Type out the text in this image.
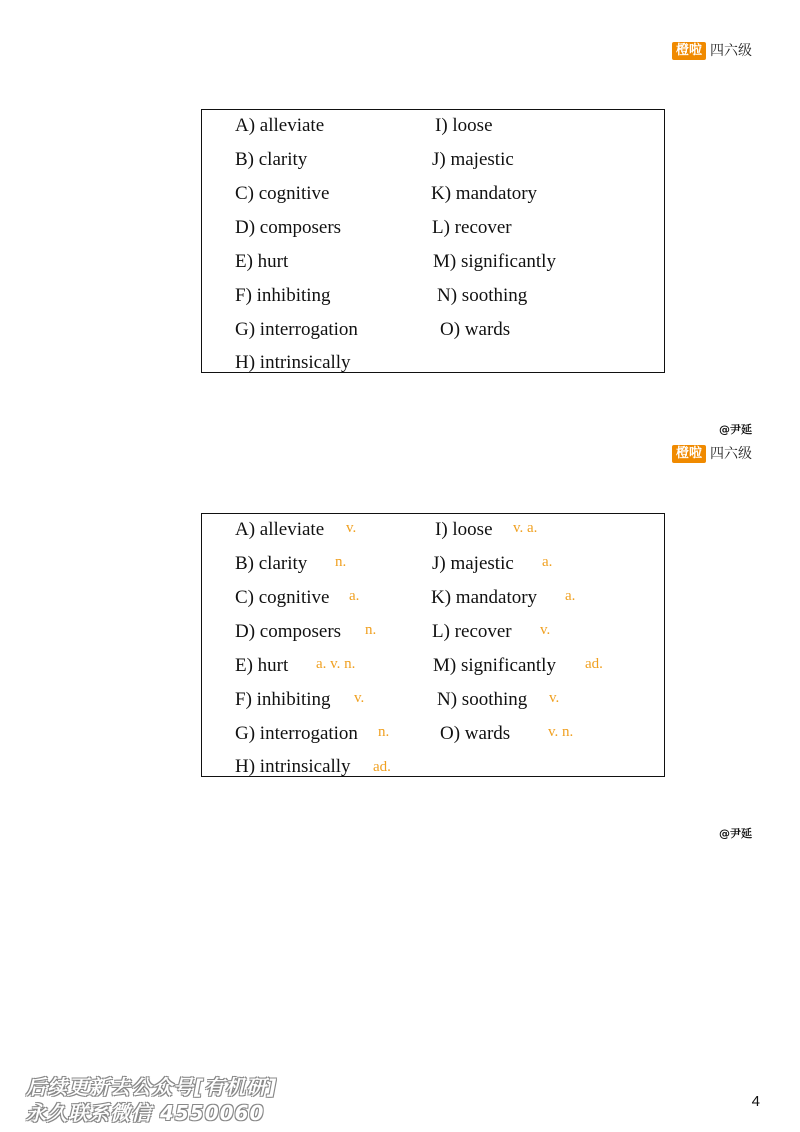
橙啦 四六级
A) alleviate
B) clarity
C) cognitive
D) composers
E) hurt
F) inhibiting
G) interrogation
H) intrinsically
I) loose
J) majestic
K) mandatory
L) recover
M) significantly
N) soothing
O) wards
@尹延
橙啦 四六级
A) alleviate v.
B) clarity n.
C) cognitive a.
D) composers n.
E) hurt a. v. n.
F) inhibiting v.
G) interrogation n.
H) intrinsically ad.
I) loose v. a.
J) majestic a.
K) mandatory a.
L) recover v.
M) significantly ad.
N) soothing v.
O) wards	v. n.
@尹延
后续更新去公众号[有机研]
永久联系微信 4550060	4
